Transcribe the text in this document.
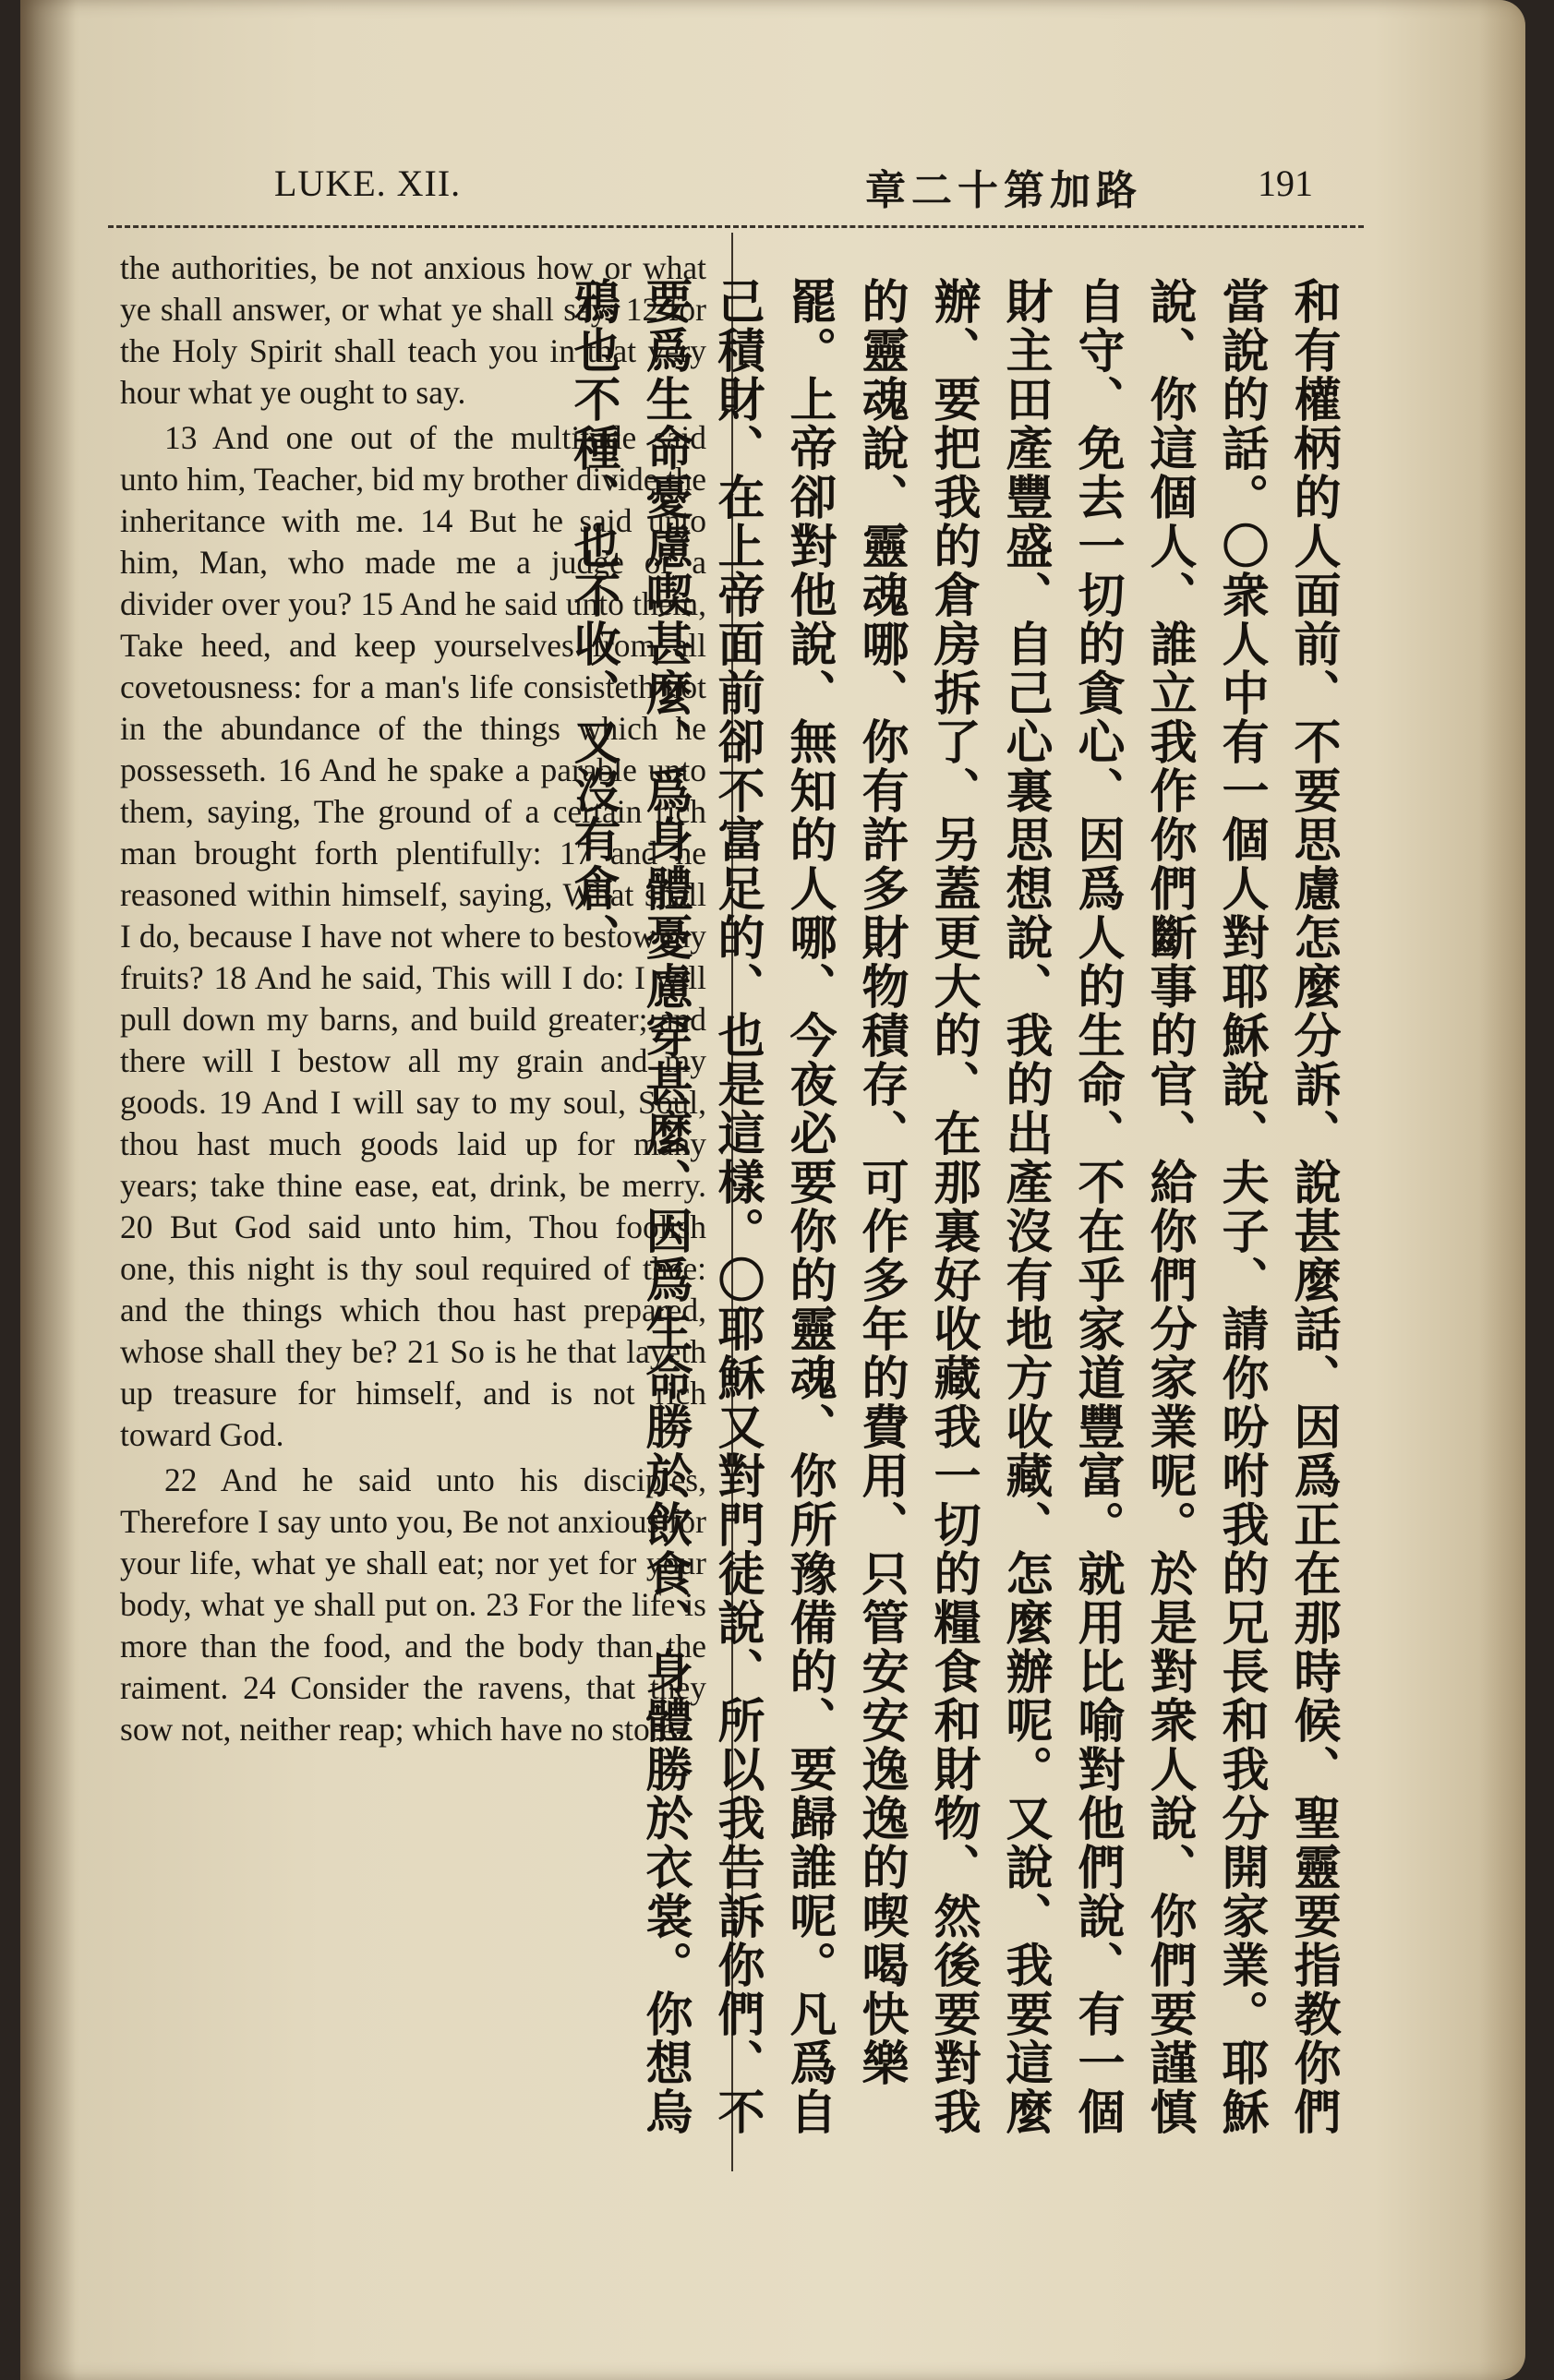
LUKE. XII.	章二十第加路	191

the authorities, be not anxious how or what ye shall answer, or what ye shall say: 12 for the Holy Spirit shall teach you in that very hour what ye ought to say.

13 And one out of the multitude said unto him, Teacher, bid my brother divide the inheritance with me. 14 But he said unto him, Man, who made me a judge or a divider over you? 15 And he said unto them, Take heed, and keep yourselves from all covetousness: for a man's life consisteth not in the abundance of the things which he possesseth. 16 And he spake a parable unto them, saying, The ground of a certain rich man brought forth plentifully: 17 and he reasoned within himself, saying, What shall I do, because I have not where to bestow my fruits? 18 And he said, This will I do: I will pull down my barns, and build greater; and there will I bestow all my grain and my goods. 19 And I will say to my soul, Soul, thou hast much goods laid up for many years; take thine ease, eat, drink, be merry. 20 But God said unto him, Thou foolish one, this night is thy soul required of thee: and the things which thou hast prepared, whose shall they be? 21 So is he that layeth up treasure for himself, and is not rich toward God.

22 And he said unto his disciples, Therefore I say unto you, Be not anxious for your life, what ye shall eat; nor yet for your body, what ye shall put on. 23 For the life is more than the food, and the body than the raiment. 24 Consider the ravens, that they sow not, neither reap; which have no store-	和有權柄的人面前、不要思慮怎麼分訴、說甚麼話、因爲正在那時候、聖靈要指教你們當說的話。〇衆人中有一個人對耶穌說、夫子、請你吩咐我的兄長和我分開家業。耶穌說、你這個人、誰立我作你們斷事的官、給你們分家業呢。於是對衆人說、你們要謹慎自守、免去一切的貪心、因爲人的生命、不在乎家道豐富。就用比喻對他們說、有一個財主田產豐盛、自己心裏思想說、我的出產沒有地方收藏、怎麼辦呢。又說、我要這麼辦、要把我的倉房拆了、另蓋更大的、在那裏好收藏我一切的糧食和財物、然後要對我的靈魂說、靈魂哪、你有許多財物積存、可作多年的費用、只管安安逸逸的喫喝快樂罷。上帝卻對他說、無知的人哪、今夜必要你的靈魂、你所豫備的、要歸誰呢。凡爲自己積財、在上帝面前卻不富足的、也是這樣。〇耶穌又對門徒說、所以我告訴你們、不要爲生命憂慮喫甚麼、爲身體憂慮穿甚麼、因爲生命勝於飲食、身體勝於衣裳。你想烏鴉也不種、也不收、又沒有倉、
